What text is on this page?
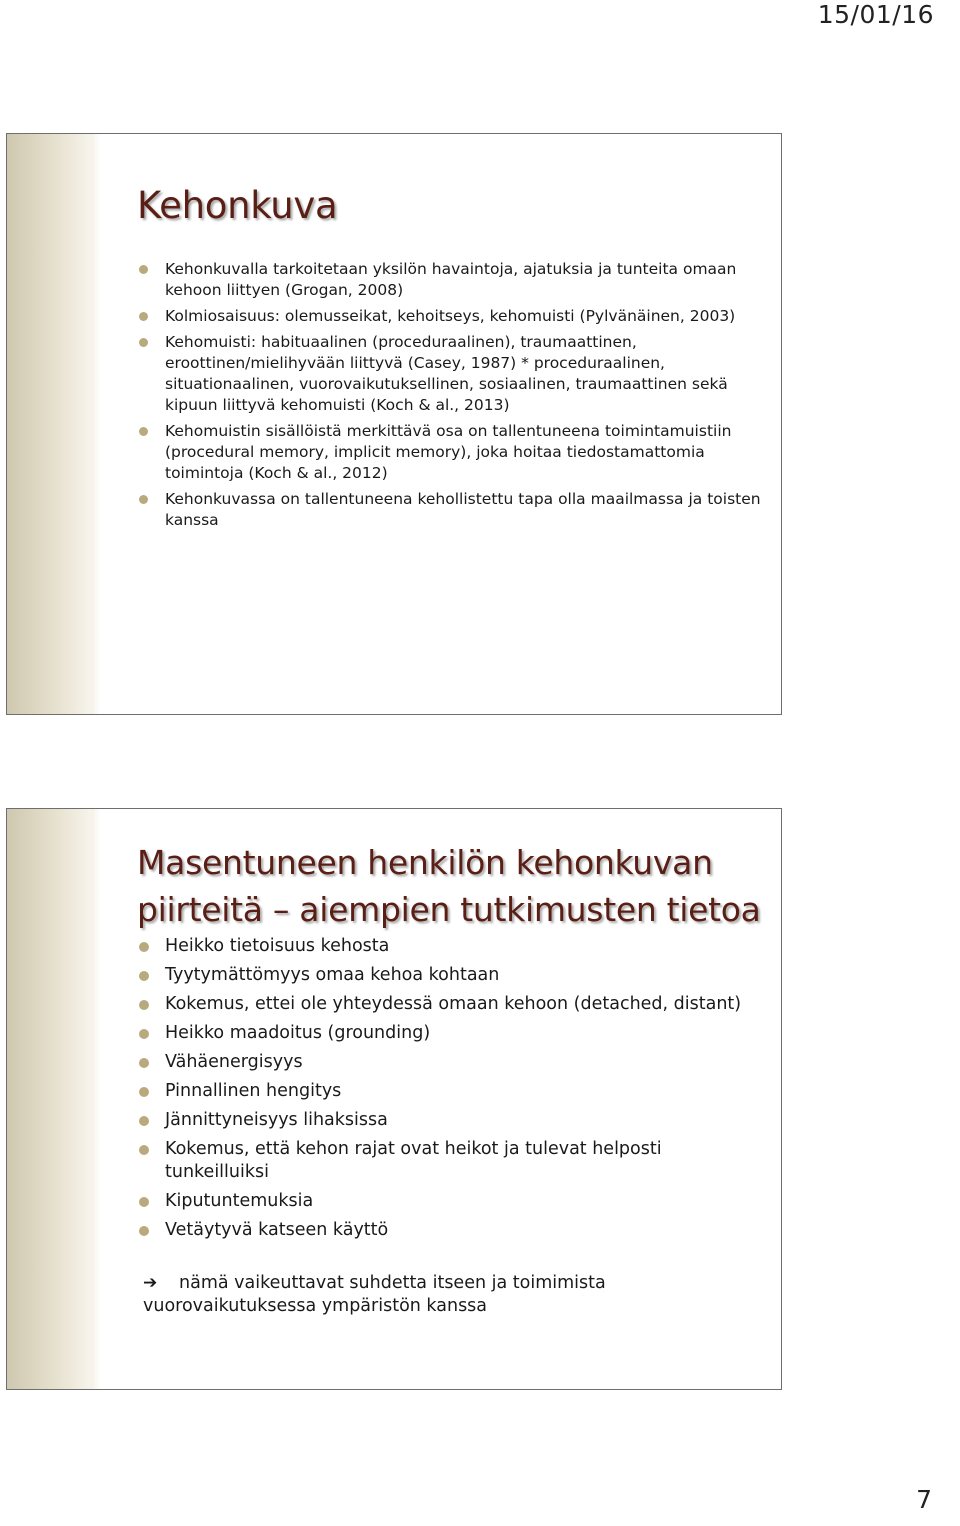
15/01/16
Kehonkuva
Kehonkuvalla tarkoitetaan yksilön havaintoja, ajatuksia ja tunteita omaan kehoon liittyen (Grogan, 2008)
Kolmiosaisuus: olemusseikat, kehoitseys, kehomuisti (Pylvänäinen, 2003)
Kehomuisti: habituaalinen (proceduraalinen), traumaattinen, eroottinen/mielihyvään liittyvä (Casey, 1987) * proceduraalinen, situationaalinen, vuorovaikutuksellinen, sosiaalinen, traumaattinen sekä kipuun liittyvä kehomuisti (Koch & al., 2013)
Kehomuistin sisällöistä merkittävä osa on tallentuneena toimintamuistiin (procedural memory, implicit memory), joka hoitaa tiedostamattomia toimintoja (Koch & al., 2012)
Kehonkuvassa on tallentuneena kehollistettu tapa olla maailmassa ja toisten kanssa
Masentuneen henkilön kehonkuvan piirteitä – aiempien tutkimusten tietoa
Heikko tietoisuus kehosta
Tyytymättömyys omaa kehoa kohtaan
Kokemus, ettei ole yhteydessä omaan kehoon (detached, distant)
Heikko maadoitus (grounding)
Vähäenergisyys
Pinnallinen hengitys
Jännittyneisyys lihaksissa
Kokemus, että kehon rajat ovat heikot ja tulevat helposti tunkeilluiksi
Kiputuntemuksia
Vetäytyvä katseen käyttö
➔ nämä vaikeuttavat suhdetta itseen ja toimimista vuorovaikutuksessa ympäristön kanssa
7
